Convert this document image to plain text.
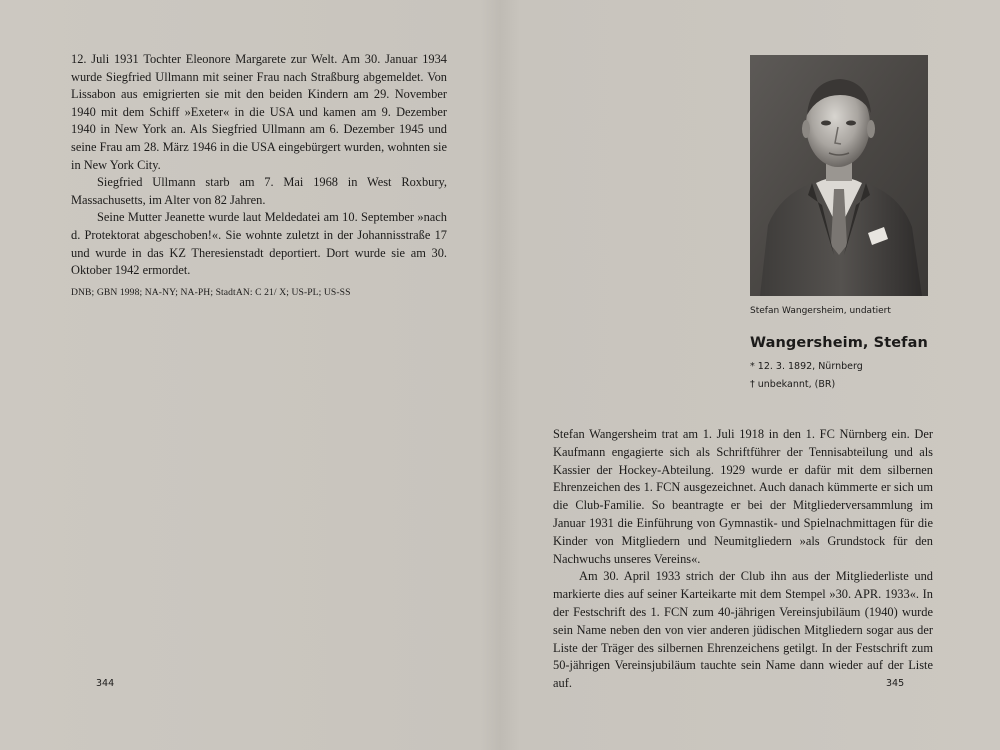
12. Juli 1931 Tochter Eleonore Margarete zur Welt. Am 30. Januar 1934 wurde Siegfried Ullmann mit seiner Frau nach Straßburg abgemeldet. Von Lissabon aus emigrierten sie mit den beiden Kindern am 29. November 1940 mit dem Schiff »Exeter« in die USA und kamen am 9. Dezember 1940 in New York an. Als Siegfried Ullmann am 6. Dezember 1945 und seine Frau am 28. März 1946 in die USA eingebürgert wurden, wohnten sie in New York City.

Siegfried Ullmann starb am 7. Mai 1968 in West Roxbury, Massachusetts, im Alter von 82 Jahren.

Seine Mutter Jeanette wurde laut Meldedatei am 10. September »nach d. Protektorat abgeschoben!«. Sie wohnte zuletzt in der Johannisstraße 17 und wurde in das KZ Theresienstadt deportiert. Dort wurde sie am 30. Oktober 1942 ermordet.

DNB; GBN 1998; NA-NY; NA-PH; StadtAN: C 21/ X; US-PL; US-SS
344
Stefan Wangersheim, undatiert
Wangersheim, Stefan
* 12. 3. 1892, Nürnberg
† unbekannt, (BR)

Stefan Wangersheim trat am 1. Juli 1918 in den 1. FC Nürnberg ein. Der Kaufmann engagierte sich als Schriftführer der Tennisabteilung und als Kassier der Hockey-Abteilung. 1929 wurde er dafür mit dem silbernen Ehrenzeichen des 1. FCN ausgezeichnet. Auch danach kümmerte er sich um die Club-Familie. So beantragte er bei der Mitgliederversammlung im Januar 1931 die Einführung von Gymnastik- und Spielnachmittagen für die Kinder von Mitgliedern und Neumitgliedern »als Grundstock für den Nachwuchs unseres Vereins«.

Am 30. April 1933 strich der Club ihn aus der Mitgliederliste und markierte dies auf seiner Karteikarte mit dem Stempel »30. APR. 1933«. In der Festschrift des 1. FCN zum 40-jährigen Vereinsjubiläum (1940) wurde sein Name neben den von vier anderen jüdischen Mitgliedern sogar aus der Liste der Träger des silbernen Ehrenzeichens getilgt. In der Festschrift zum 50-jährigen Vereinsjubiläum tauchte sein Name dann wieder auf der Liste auf.	345
